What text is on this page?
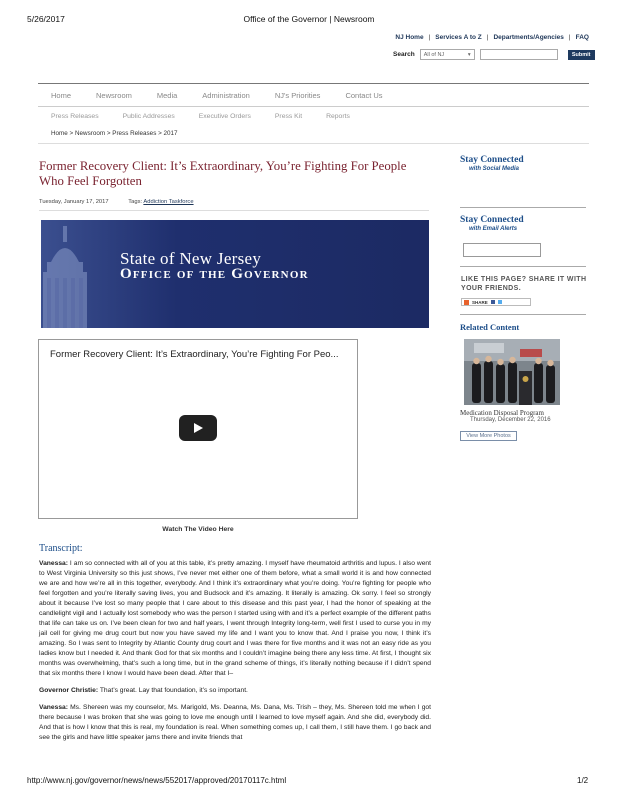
5/26/2017	Office of the Governor | Newsroom
NJ Home | Services A to Z | Departments/Agencies | FAQ
Search All of NJ	▾	Submit
Home	Newsroom	Media	Administration	NJ's Priorities	Contact Us
Press Releases	Public Addresses	Executive Orders	Press Kit	Reports
Home > Newsroom > Press Releases > 2017
Former Recovery Client: It’s Extraordinary, You’re Fighting For People Who Feel Forgotten
Tuesday, January 17, 2017	Tags: Addiction Taskforce
State of New Jersey
Office of the Governor
Former Recovery Client: It’s Extraordinary, You’re Fighting For Peo...
Watch The Video Here
Transcript:

Vanessa: I am so connected with all of you at this table, it’s pretty amazing. I myself have rheumatoid arthritis and lupus. I also went to West Virginia University so this just shows, I’ve never met either one of them before, what a small world it is and how connected we are and how we’re all in this together, everybody. And I think it’s extraordinary what you’re doing. You’re fighting for people who feel forgotten and you’re literally saving lives, you and Budsock and it’s amazing. It literally is amazing. Ok sorry. I feel so strongly about it because I’ve lost so many people that I care about to this disease and this past year, I had the honor of speaking at the candlelight vigil and I actually lost somebody who was the person I started using with and it’s a perfect example of the different paths that life can take us on. I’ve been clean for two and half years, I went through Integrity long-term, well first I used to curse you in my jail cell for giving me drug court but now you have saved my life and I want you to know that. And I praise you now, I think it’s amazing. So I was sent to Integrity by Atlantic County drug court and I was there for five months and it was not an easy ride as you ladies know but I needed it. And thank God for that six months and I couldn’t imagine being there any less time. At first, I thought six months was overwhelming, that’s such a long time, but in the grand scheme of things, it’s literally nothing because if I didn’t spend that six months there I know I would have been dead. After that I–

Governor Christie: That’s great. Lay that foundation, it’s so important.

Vanessa: Ms. Shereen was my counselor, Ms. Marigold, Ms. Deanna, Ms. Dana, Ms. Trish – they, Ms. Shereen told me when I got there because I was broken that she was going to love me enough until I learned to love myself again. And she did, everybody did. And that is how I know that this is real, my foundation is real. When something comes up, I call them, I still have them. I go back and see the girls and have little speaker jams there and invite friends that

Stay Connected
with Social Media
Stay Connected
with Email Alerts
LIKE THIS PAGE? SHARE IT WITH YOUR FRIENDS.
SHARE
Related Content
Medication Disposal Program
Thursday, December 22, 2016
View More Photos
http://www.nj.gov/governor/news/news/552017/approved/20170117c.html	1/2
